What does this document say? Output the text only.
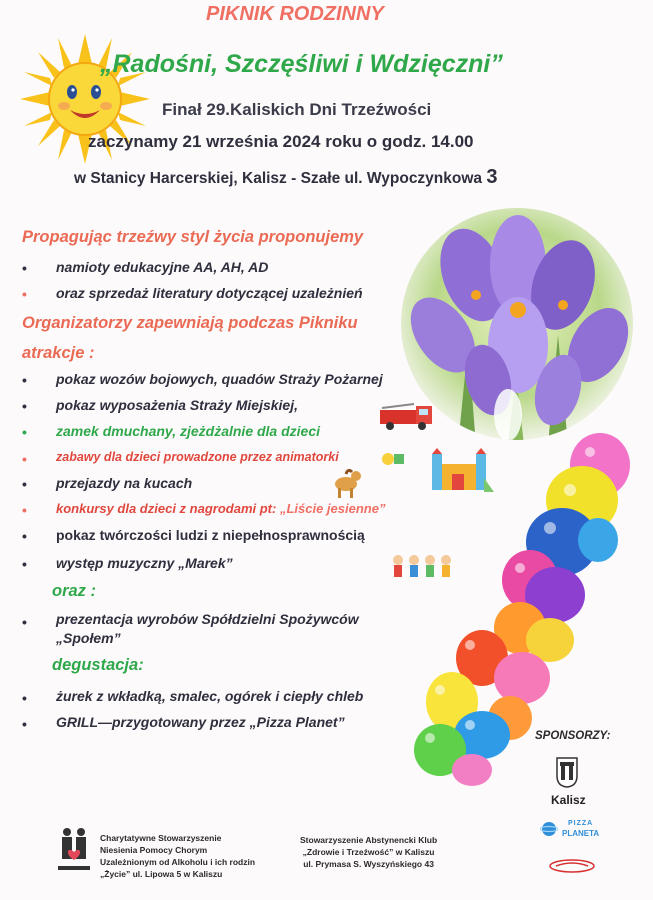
PIKNIK RODZINNY
„Radośni, Szczęśliwi i Wdzięczni”
Finał 29.Kaliskich Dni Trzeźwości
zaczynamy 21 września 2024 roku o godz. 14.00
w Stanicy Harcerskiej, Kalisz - Szałe ul. Wypoczynkowa 3
Propagując trzeźwy styl życia proponujemy
• namioty edukacyjne AA, AH, AD
• oraz sprzedaż literatury dotyczącej uzależnień
Organizatorzy zapewniają podczas Pikniku
atrakcje :
• pokaz wozów bojowych, quadów Straży Pożarnej
• pokaz wyposażenia Straży Miejskiej,
• zamek dmuchany, zjeżdżalnie dla dzieci
• zabawy dla dzieci prowadzone przez animatorki
• przejazdy na kucach
• konkursy dla dzieci z nagrodami pt: „Liście jesienne”
• pokaz twórczości ludzi z niepełnosprawnością
• występ muzyczny „Marek”
oraz :
• prezentacja wyrobów Spółdzielni Spożywców
„Społem”
degustacja:
• żurek z wkładką, smalec, ogórek i ciepły chleb
• GRILL—przygotowany przez „Pizza Planet”
SPONSORZY:
Kalisz
PIZZA
PLANETA
Charytatywne Stowarzyszenie
Niesienia Pomocy Chorym
Uzależnionym od Alkoholu i ich rodzin
„Życie” ul. Lipowa 5 w Kaliszu
Stowarzyszenie Abstynencki Klub
„Zdrowie i Trzeźwość” w Kaliszu
ul. Prymasa S. Wyszyńskiego 43
